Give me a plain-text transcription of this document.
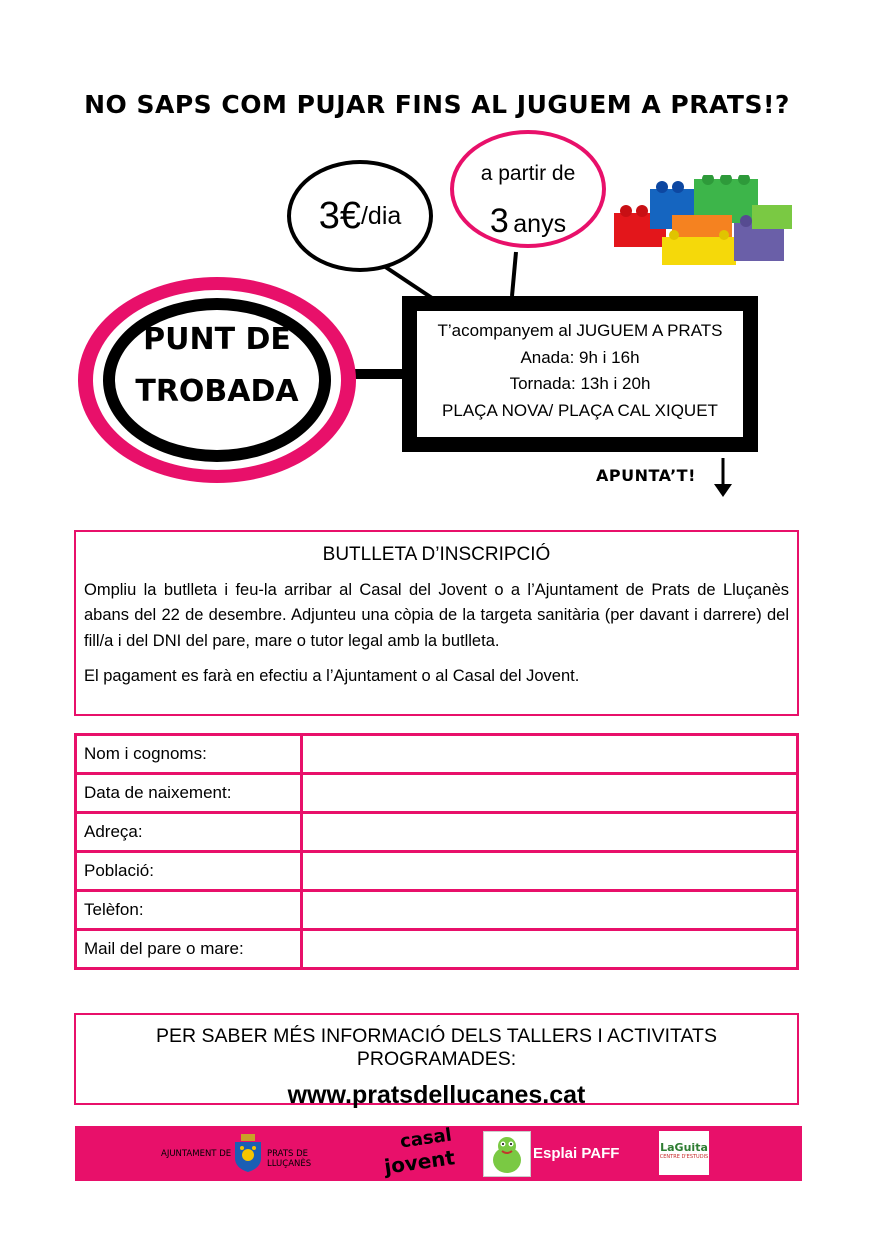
NO SAPS COM PUJAR FINS AL JUGUEM A PRATS!?
3€ /dia
a partir de
3 anys
PUNT DE
TROBADA
T’acompanyem al JUGUEM A PRATS
Anada: 9h i 16h
Tornada: 13h i 20h
PLAÇA NOVA/ PLAÇA CAL XIQUET
APUNTA’T!
BUTLLETA D’INSCRIPCIÓ

Ompliu la butlleta i feu-la arribar al Casal del Jovent o a l’Ajuntament de Prats de Lluçanès abans del 22 de desembre. Adjunteu una còpia de la targeta sanitària (per davant i darrere) del fill/a i del DNI del pare, mare o tutor legal amb la butlleta.

El pagament es farà en efectiu a l’Ajuntament o al Casal del Jovent.

Nom i cognoms:	
Data de naixement:	
Adreça:	
Població:	
Telèfon:	
Mail del pare o mare:	
PER SABER MÉS INFORMACIÓ DELS TALLERS I ACTIVITATS PROGRAMADES:
www.pratsdellucanes.cat
AJUNTAMENT DE	PRATS DE LLUÇANÈS
casal
jovent	Esplai PAFF	LaGuita
CENTRE D'ESTUDIS
